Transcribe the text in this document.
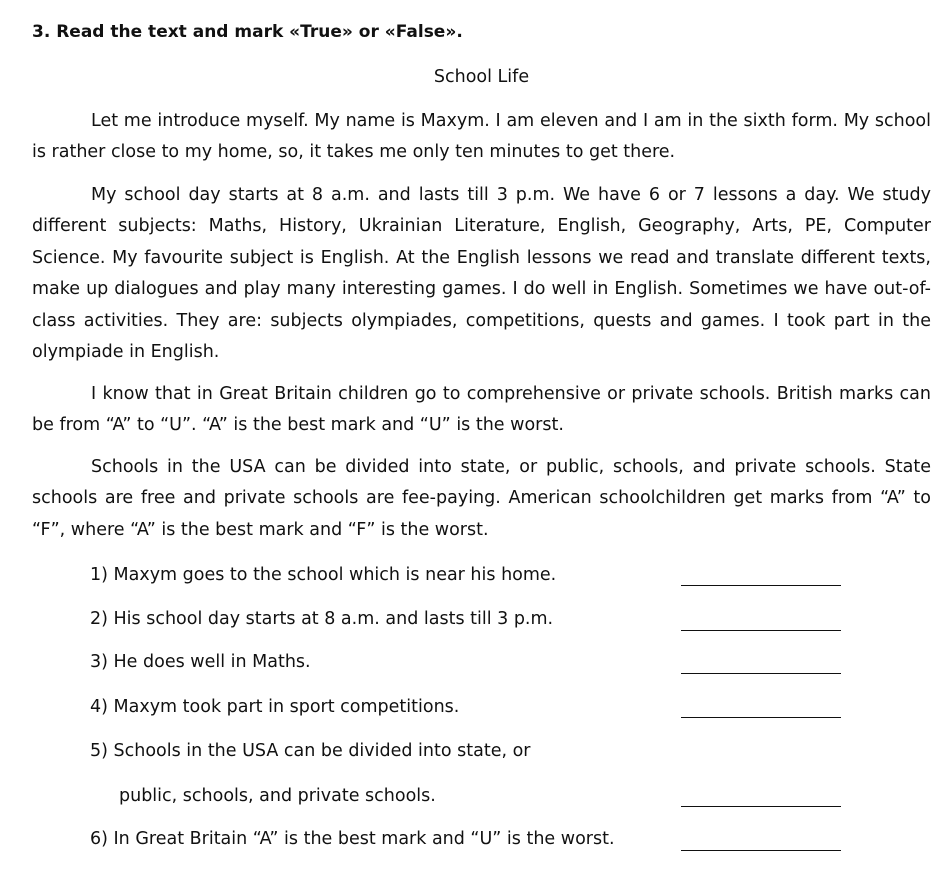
3. Read the text and mark «True» or «False».
School Life

Let me introduce myself. My name is Maxym. I am eleven and I am in the sixth form. My school is rather close to my home, so, it takes me only ten minutes to get there.

My school day starts at 8 a.m. and lasts till 3 p.m. We have 6 or 7 lessons a day. We study different subjects: Maths, History, Ukrainian Literature, English, Geography, Arts, PE, Computer Science. My favourite subject is English. At the English lessons we read and translate different texts, make up dialogues and play many interesting games. I do well in English. Sometimes we have out-of-class activities. They are: subjects olympiades, competitions, quests and games. I took part in the olympiade in English.

I know that in Great Britain children go to comprehensive or private schools. British marks can be from “A” to “U”. “A” is the best mark and “U” is the worst.

Schools in the USA can be divided into state, or public, schools, and private schools. State schools are free and private schools are fee-paying. American schoolchildren get marks from “A” to “F”, where “A” is the best mark and “F” is the worst.

1) Maxym goes to the school which is near his home.
2) His school day starts at 8 a.m. and lasts till 3 p.m.
3) He does well in Maths.
4) Maxym took part in sport competitions.
5) Schools in the USA can be divided into state, or
public, schools, and private schools.
6) In Great Britain “A” is the best mark and “U” is the worst.
